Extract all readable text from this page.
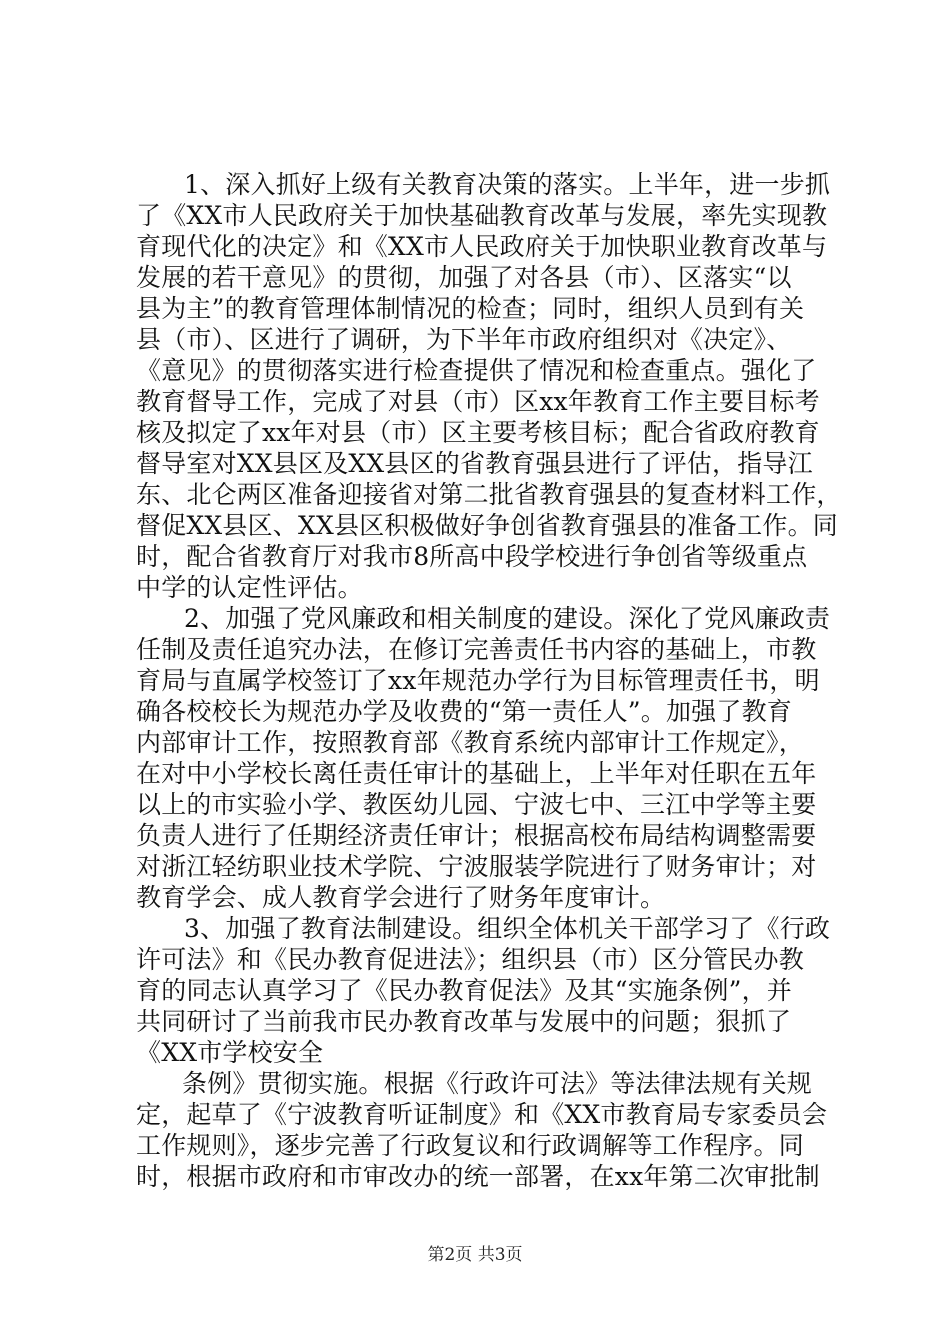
1、深入抓好上级有关教育决策的落实。上半年，进一步抓
了《XX市人民政府关于加快基础教育改革与发展，率先实现教
育现代化的决定》和《XX市人民政府关于加快职业教育改革与
发展的若干意见》的贯彻，加强了对各县（市）、区落实“以
县为主”的教育管理体制情况的检查；同时，组织人员到有关
县（市）、区进行了调研，为下半年市政府组织对《决定》、
《意见》的贯彻落实进行检查提供了情况和检查重点。强化了
教育督导工作，完成了对县（市）区xx年教育工作主要目标考
核及拟定了xx年对县（市）区主要考核目标；配合省政府教育
督导室对XX县区及XX县区的省教育强县进行了评估，指导江
东、北仑两区准备迎接省对第二批省教育强县的复查材料工作，
督促XX县区、XX县区积极做好争创省教育强县的准备工作。同
时，配合省教育厅对我市8所高中段学校进行争创省等级重点
中学的认定性评估。
2、加强了党风廉政和相关制度的建设。深化了党风廉政责
任制及责任追究办法，在修订完善责任书内容的基础上，市教
育局与直属学校签订了xx年规范办学行为目标管理责任书，明
确各校校长为规范办学及收费的“第一责任人”。加强了教育
内部审计工作，按照教育部《教育系统内部审计工作规定》，
在对中小学校长离任责任审计的基础上，上半年对任职在五年
以上的市实验小学、教医幼儿园、宁波七中、三江中学等主要
负责人进行了任期经济责任审计；根据高校布局结构调整需要
对浙江轻纺职业技术学院、宁波服装学院进行了财务审计；对
教育学会、成人教育学会进行了财务年度审计。
3、加强了教育法制建设。组织全体机关干部学习了《行政
许可法》和《民办教育促进法》；组织县（市）区分管民办教
育的同志认真学习了《民办教育促法》及其“实施条例”，并
共同研讨了当前我市民办教育改革与发展中的问题；狠抓了
《XX市学校安全
条例》贯彻实施。根据《行政许可法》等法律法规有关规
定，起草了《宁波教育听证制度》和《XX市教育局专家委员会
工作规则》，逐步完善了行政复议和行政调解等工作程序。同
时，根据市政府和市审改办的统一部署，在xx年第二次审批制
第2页 共3页
